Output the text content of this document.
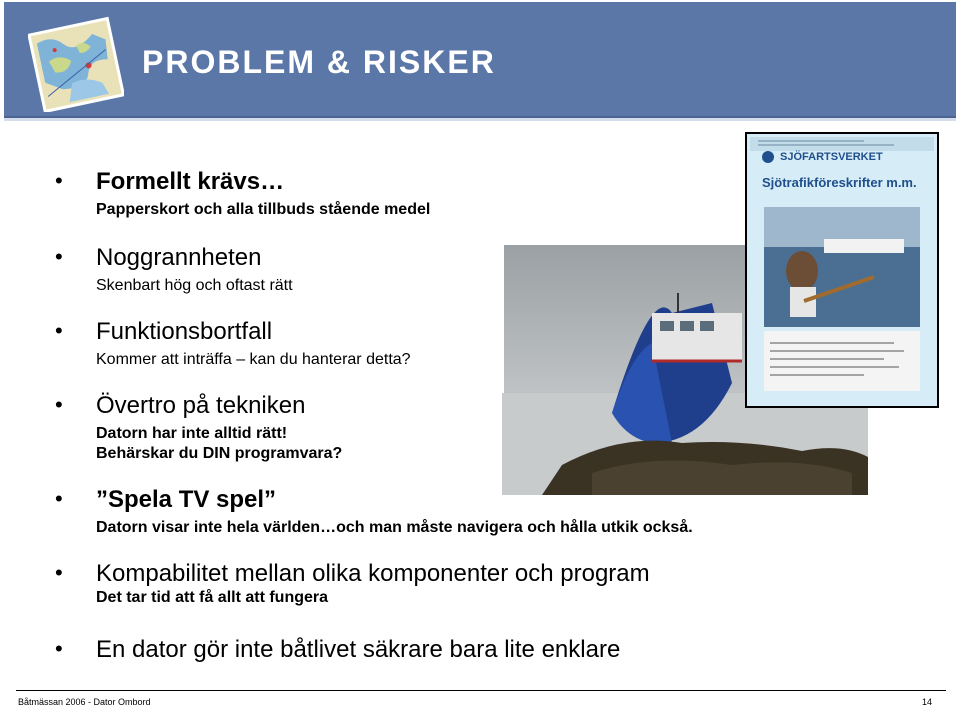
PROBLEM & RISKER
• Formellt krävs…
Papperskort och alla tillbuds stående medel
• Noggrannheten
Skenbart hög och oftast rätt
• Funktionsbortfall
Kommer att inträffa – kan du hanterar detta?
• Övertro på tekniken
Datorn har inte alltid rätt!
Behärskar du DIN programvara?
• ”Spela TV spel”
Datorn visar inte hela världen…och man måste navigera och hålla utkik också.
• Kompabilitet mellan olika komponenter och program
Det tar tid att få allt att fungera
• En dator gör inte båtlivet säkrare bara lite enklare
SJÖFARTSVERKET
Sjötrafikföreskrifter m.m.
Båtmässan 2006 - Dator Ombord	14
